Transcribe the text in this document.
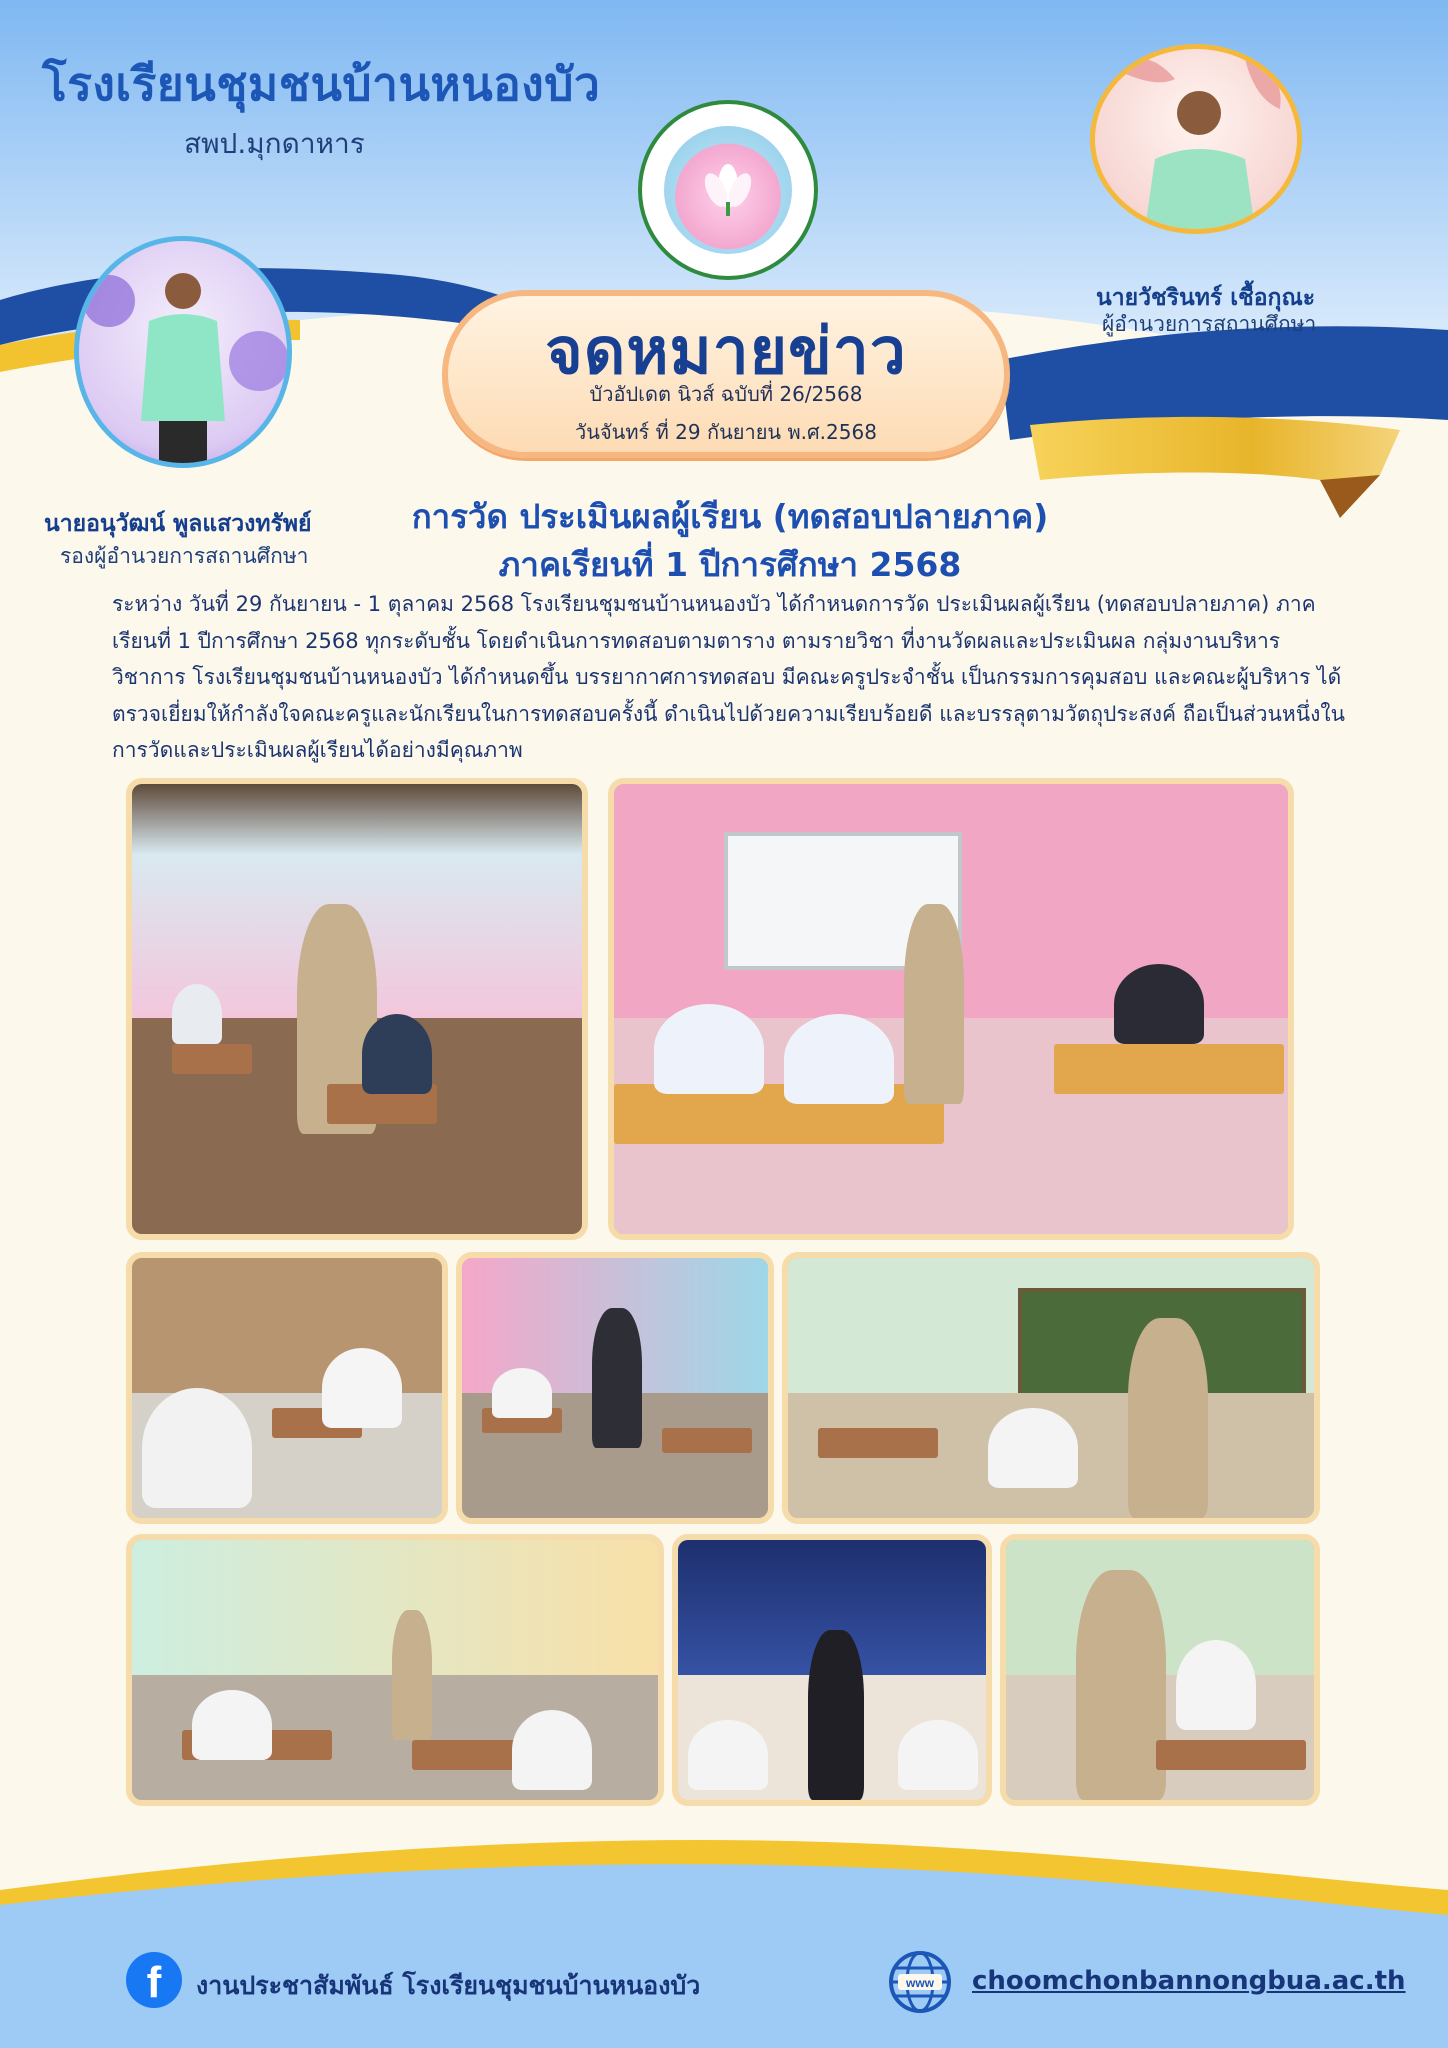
โรงเรียนชุมชนบ้านหนองบัว
สพป.มุกดาหาร
นายอนุวัฒน์ พูลแสวงทรัพย์
รองผู้อำนวยการสถานศึกษา
นายวัชรินทร์ เชื้อกุณะ
ผู้อำนวยการสถานศึกษา
จดหมายข่าว
บัวอัปเดต นิวส์ ฉบับที่ 26/2568
วันจันทร์ ที่ 29 กันยายน พ.ศ.2568
การวัด ประเมินผลผู้เรียน (ทดสอบปลายภาค)
ภาคเรียนที่ 1 ปีการศึกษา 2568
ระหว่าง วันที่ 29 กันยายน - 1 ตุลาคม 2568 โรงเรียนชุมชนบ้านหนองบัว ได้กำหนดการวัด ประเมินผลผู้เรียน (ทดสอบปลายภาค) ภาคเรียนที่ 1 ปีการศึกษา 2568 ทุกระดับชั้น โดยดำเนินการทดสอบตามตาราง ตามรายวิชา ที่งานวัดผลและประเมินผล กลุ่มงานบริหารวิชาการ โรงเรียนชุมชนบ้านหนองบัว ได้กำหนดขึ้น บรรยากาศการทดสอบ มีคณะครูประจำชั้น เป็นกรรมการคุมสอบ และคณะผู้บริหาร ได้ตรวจเยี่ยมให้กำลังใจคณะครูและนักเรียนในการทดสอบครั้งนี้ ดำเนินไปด้วยความเรียบร้อยดี และบรรลุตามวัตถุประสงค์ ถือเป็นส่วนหนึ่งในการวัดและประเมินผลผู้เรียนได้อย่างมีคุณภาพ
f	งานประชาสัมพันธ์ โรงเรียนชุมชนบ้านหนองบัว	www choomchonbannongbua.ac.th
